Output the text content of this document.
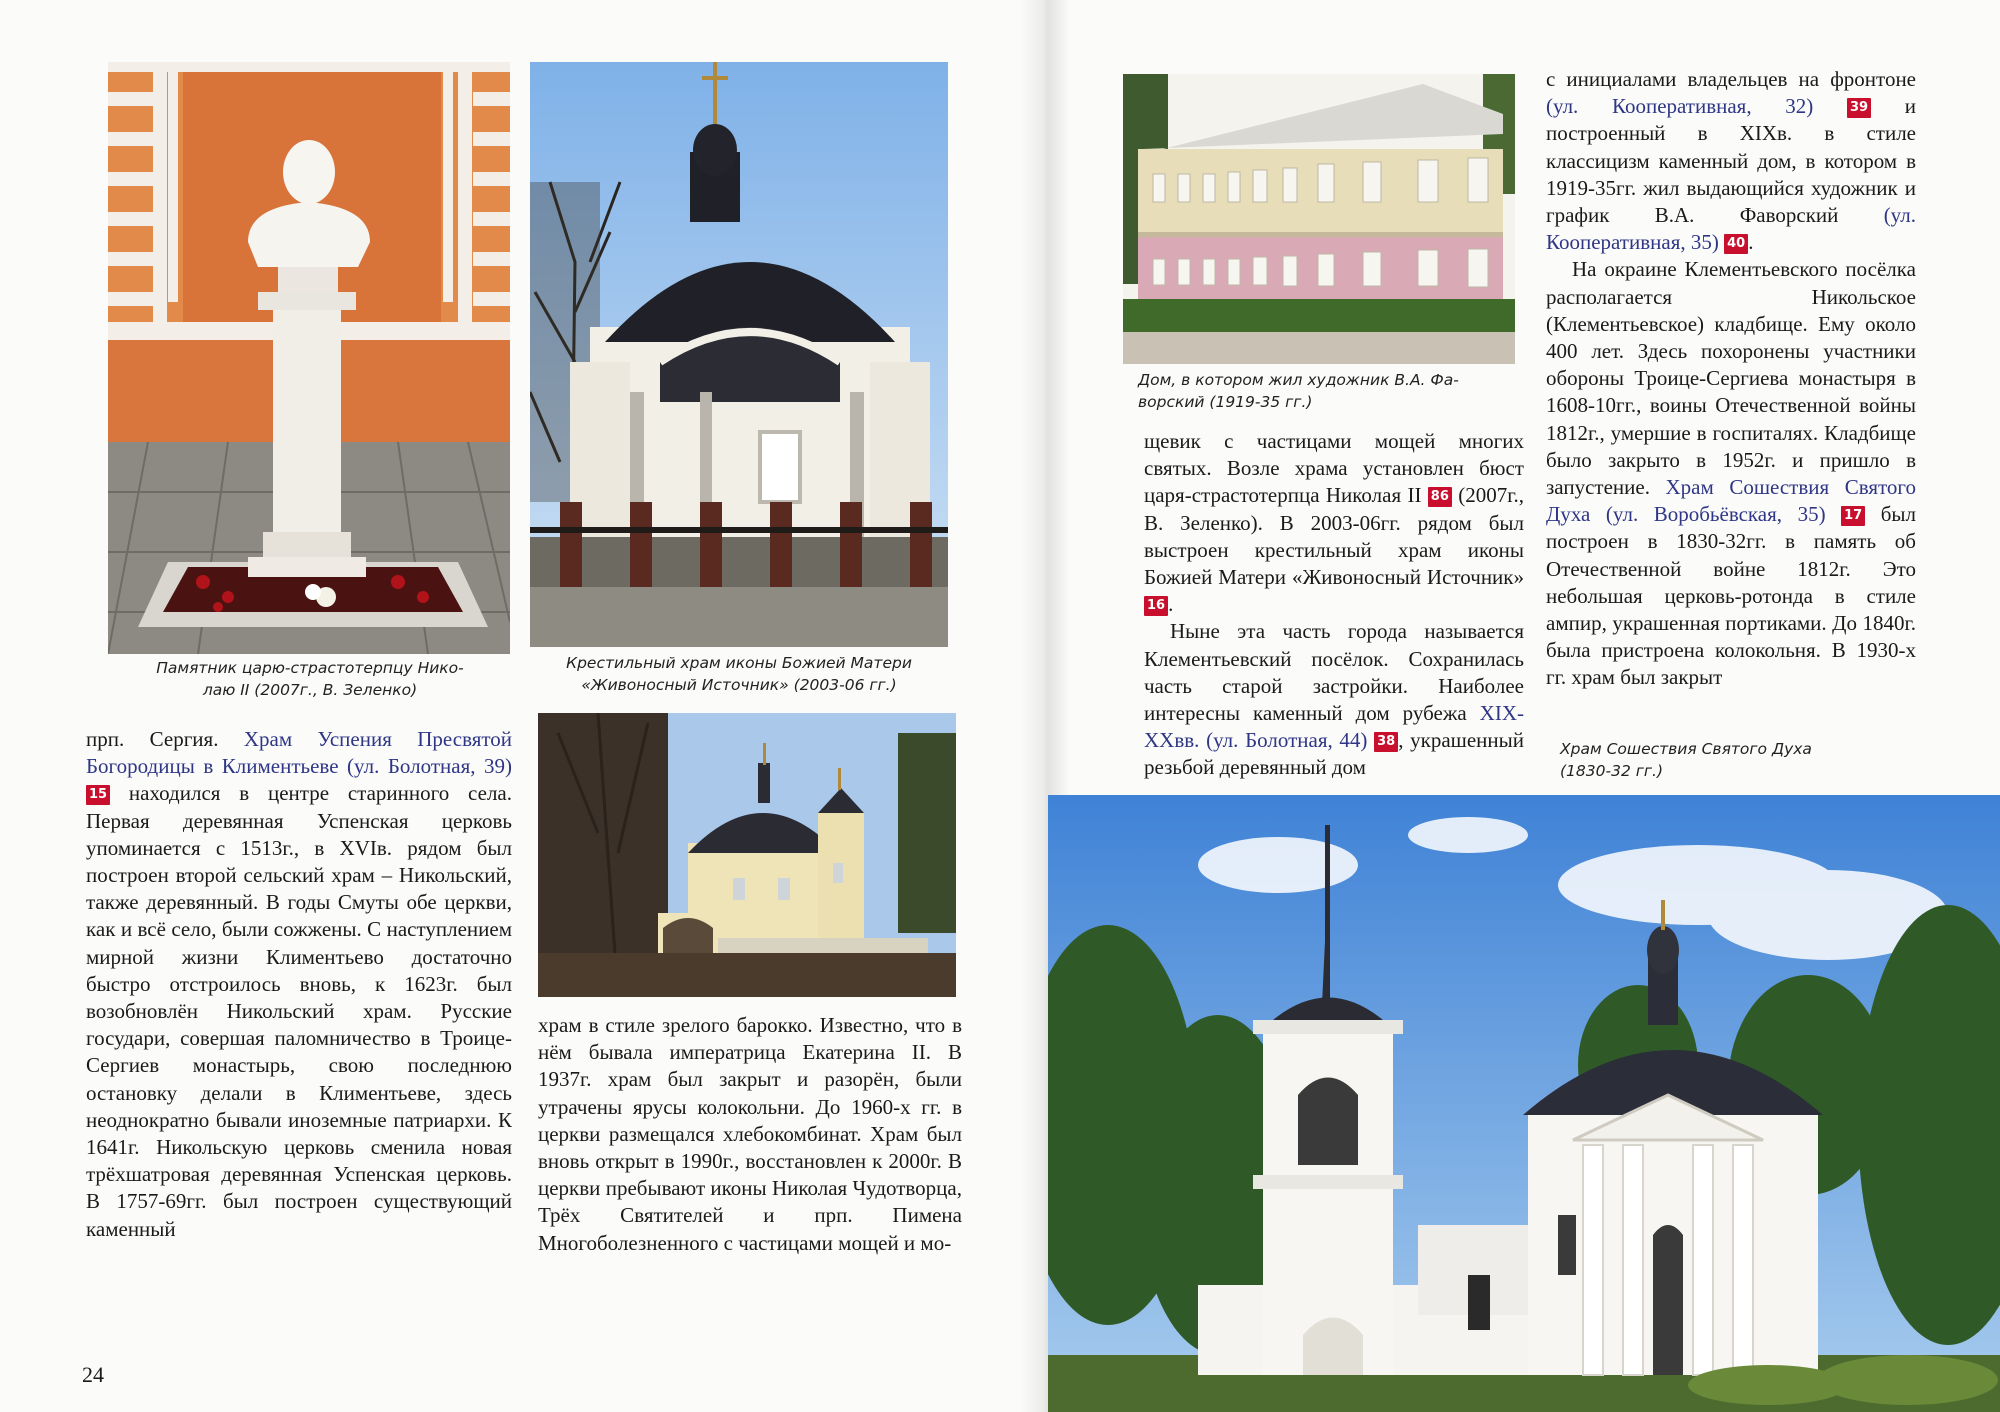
Памятник царю-страстотерпцу Нико-
лаю II (2007г., В. Зеленко)

Крестильный храм иконы Божией Матери
«Живоносный Источник» (2003-06 гг.)

прп. Сергия. Храм Успения Пресвятой Богородицы в Климентьеве (ул. Болотная, 39) 15 находился в центре старинного села. Первая деревянная Успенская церковь упоминается с 1513г., в XVIв. рядом был построен второй сельский храм – Никольский, также деревянный. В годы Смуты обе церкви, как и всё село, были сожжены. С наступлением мирной жизни Климентьево достаточно быстро отстроилось вновь, к 1623г. был возобновлён Никольский храм. Русские государи, совершая паломничество в Троице-Сергиев монастырь, свою последнюю остановку делали в Климентьеве, здесь неоднократно бывали иноземные патриархи. К 1641г. Никольскую церковь сменила новая трёхшатровая деревянная Успенская церковь. В 1757-69гг. был построен существующий каменный

храм в стиле зрелого барокко. Известно, что в нём бывала императрица Екатерина II. В 1937г. храм был закрыт и разорён, были утрачены ярусы колокольни. До 1960-х гг. в церкви размещался хлебокомбинат. Храм был вновь открыт в 1990г., восстановлен к 2000г. В церкви пребывают иконы Николая Чудотворца, Трёх Святителей и прп. Пимена Многоболезненного с частицами мощей и мо-

24

Дом, в котором жил художник В.А. Фа-
ворский (1919-35 гг.)

щевик с частицами мощей многих святых. Возле храма установлен бюст царя-страстотерпца Николая II 86 (2007г., В. Зеленко). В 2003-06гг. рядом был выстроен крестильный храм иконы Божией Матери «Живоносный Источник» 16 .

Ныне эта часть города называется Клементьевский посёлок. Сохранилась часть старой застройки. Наиболее интересны каменный дом рубежа XIX-XXвв. (ул. Болотная, 44) 38 , украшенный резьбой деревянный дом

с инициалами владельцев на фронтоне (ул. Кооперативная, 32)	39 и построенный в XIXв. в стиле классицизм каменный дом, в котором в 1919-35гг. жил выдающийся художник и график В.А. Фаворский (ул. Кооперативная, 35) 40 .

На окраине Клементьевского посёлка располагается Никольское (Клементьевское) кладбище. Ему около 400 лет. Здесь похоронены участники обороны Троице-Сергиева монастыря в 1608-10гг., воины Отечественной войны 1812г., умершие в госпиталях. Кладбище было закрыто в 1952г. и пришло в запустение. Храм Сошествия Святого Духа (ул. Воробьёвская, 35) 17 был построен в 1830-32гг. в память об Отечественной войне 1812г. Это небольшая церковь-ротонда в стиле ампир, украшенная портиками. До 1840г. была пристроена колокольня. В 1930-х гг. храм был закрыт

Храм Сошествия Святого Духа
(1830-32 гг.)
